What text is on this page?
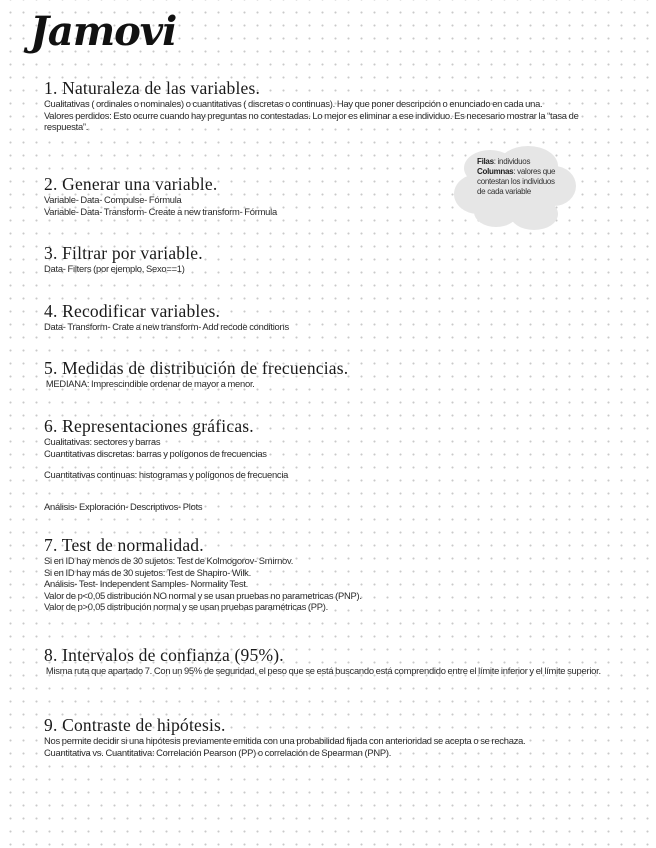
Jamovi
1. Naturaleza de las variables.

Cualitativas ( ordinales o nominales) o cuantitativas ( discretas o continuas). Hay que poner descripción o enunciado en cada una.

Valores perdidos: Esto ocurre cuando hay preguntas no contestadas. Lo mejor es eliminar a ese individuo. Es necesario mostrar la “tasa de respuesta”.

2. Generar una variable.

Variable- Data- Compulse- Fórmula

Variable- Data- Transform- Create a new transform- Fórmula

3. Filtrar por variable.

Data- Filters (por ejemplo, Sexo==1)

4. Recodificar variables.

Data- Transform- Crate a new transform- Add recode conditions

5. Medidas de distribución de frecuencias.

MEDIANA: Imprescindible ordenar de mayor a menor.

6. Representaciones gráficas.

Cualitativas: sectores y barras

Cuantitativas discretas: barras y polígonos de frecuencias

Cuantitativas continuas: histogramas y polígonos de frecuencia

Análisis- Exploración- Descriptivos- Plots

7. Test de normalidad.

Si en ID hay menos de 30 sujetos: Test de Kolmogorov- Smirnov.

Si en ID hay más de 30 sujetos: Test de Shapiro- Wilk.

Análisis- Test- Independent Samples- Normality Test.

Valor de p<0,05 distribución NO normal y se usan pruebas no parametricas (PNP).

Valor de p>0,05 distribución normal y se usan pruebas paramétricas (PP).

8. Intervalos de confianza (95%).

Misma ruta que apartado 7. Con un 95% de seguridad, el peso que se está buscando está comprendido entre el límite inferior y el límite superior.

9. Contraste de hipótesis.

Nos permite decidir si una hipótesis previamente emitida con una probabilidad fijada con anterioridad se acepta o se rechaza.

Cuantitativa vs. Cuantitativa: Correlación Pearson (PP) o correlación de Spearman (PNP).

Filas: individuos
Columnas: valores que contestan los individuos de cada variable
